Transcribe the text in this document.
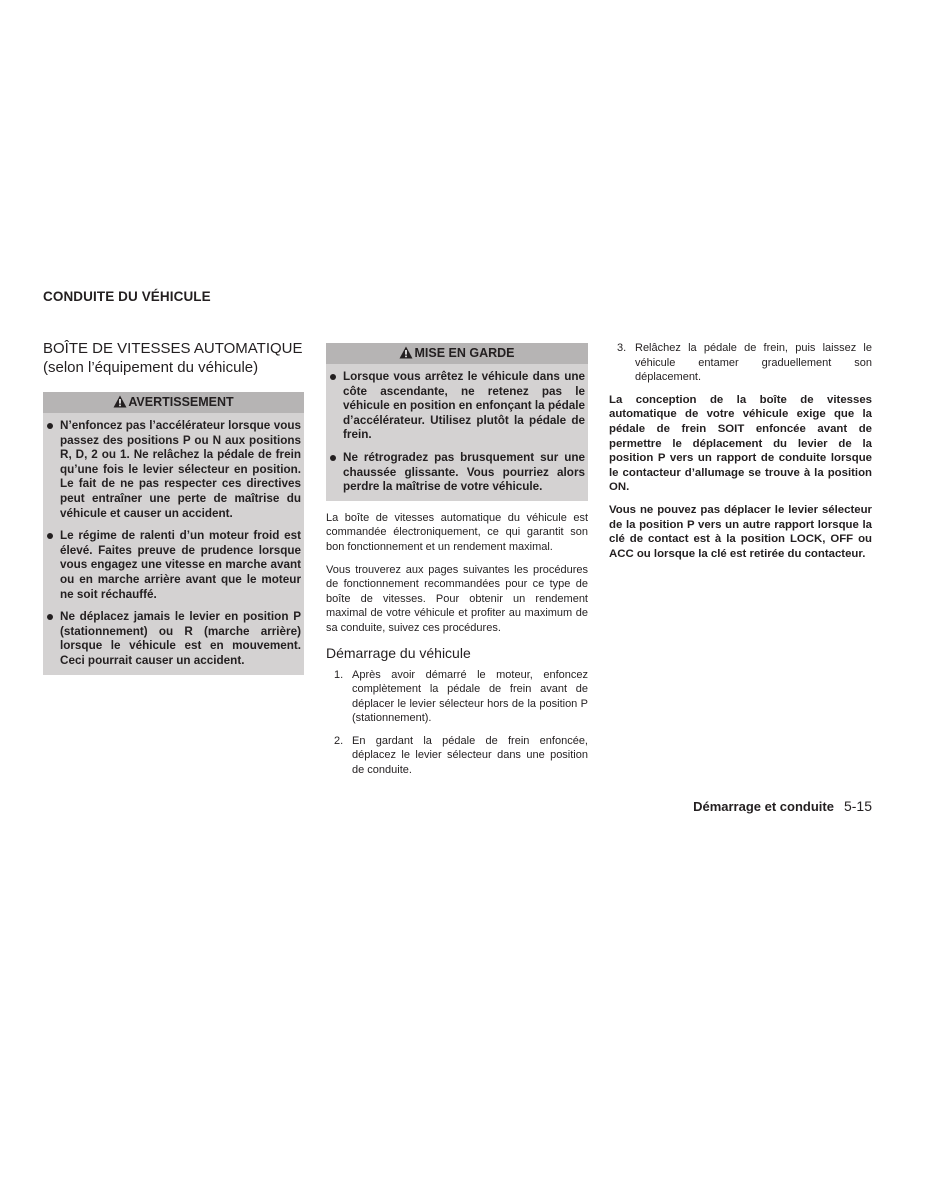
CONDUITE DU VÉHICULE
BOÎTE DE VITESSES AUTOMATIQUE (selon l’équipement du véhicule)
AVERTISSEMENT
N’enfoncez pas l’accélérateur lorsque vous passez des positions P ou N aux positions R, D, 2 ou 1. Ne relâchez la pédale de frein qu’une fois le levier sélecteur en position. Le fait de ne pas respecter ces directives peut entraîner une perte de maîtrise du véhicule et causer un accident.
Le régime de ralenti d’un moteur froid est élevé. Faites preuve de prudence lorsque vous engagez une vitesse en marche avant ou en marche arrière avant que le moteur ne soit réchauffé.
Ne déplacez jamais le levier en position P (stationnement) ou R (marche arrière) lorsque le véhicule est en mouvement. Ceci pourrait causer un accident.
MISE EN GARDE
Lorsque vous arrêtez le véhicule dans une côte ascendante, ne retenez pas le véhicule en position en enfonçant la pédale d’accélérateur. Utilisez plutôt la pédale de frein.
Ne rétrogradez pas brusquement sur une chaussée glissante. Vous pourriez alors perdre la maîtrise de votre véhicule.

La boîte de vitesses automatique du véhicule est commandée électroniquement, ce qui garantit son bon fonctionnement et un rendement maximal.

Vous trouverez aux pages suivantes les procédures de fonctionnement recommandées pour ce type de boîte de vitesses. Pour obtenir un rendement maximal de votre véhicule et profiter au maximum de sa conduite, suivez ces procédures.

Démarrage du véhicule
1. Après avoir démarré le moteur, enfoncez complètement la pédale de frein avant de déplacer le levier sélecteur hors de la position P (stationnement).
2. En gardant la pédale de frein enfoncée, déplacez le levier sélecteur dans une position de conduite.
3. Relâchez la pédale de frein, puis laissez le véhicule entamer graduellement son déplacement.

La conception de la boîte de vitesses automatique de votre véhicule exige que la pédale de frein SOIT enfoncée avant de permettre le déplacement du levier de la position P vers un rapport de conduite lorsque le contacteur d’allumage se trouve à la position ON.

Vous ne pouvez pas déplacer le levier sélecteur de la position P vers un autre rapport lorsque la clé de contact est à la position LOCK, OFF ou ACC ou lorsque la clé est retirée du contacteur.

Démarrage et conduite 5-15
